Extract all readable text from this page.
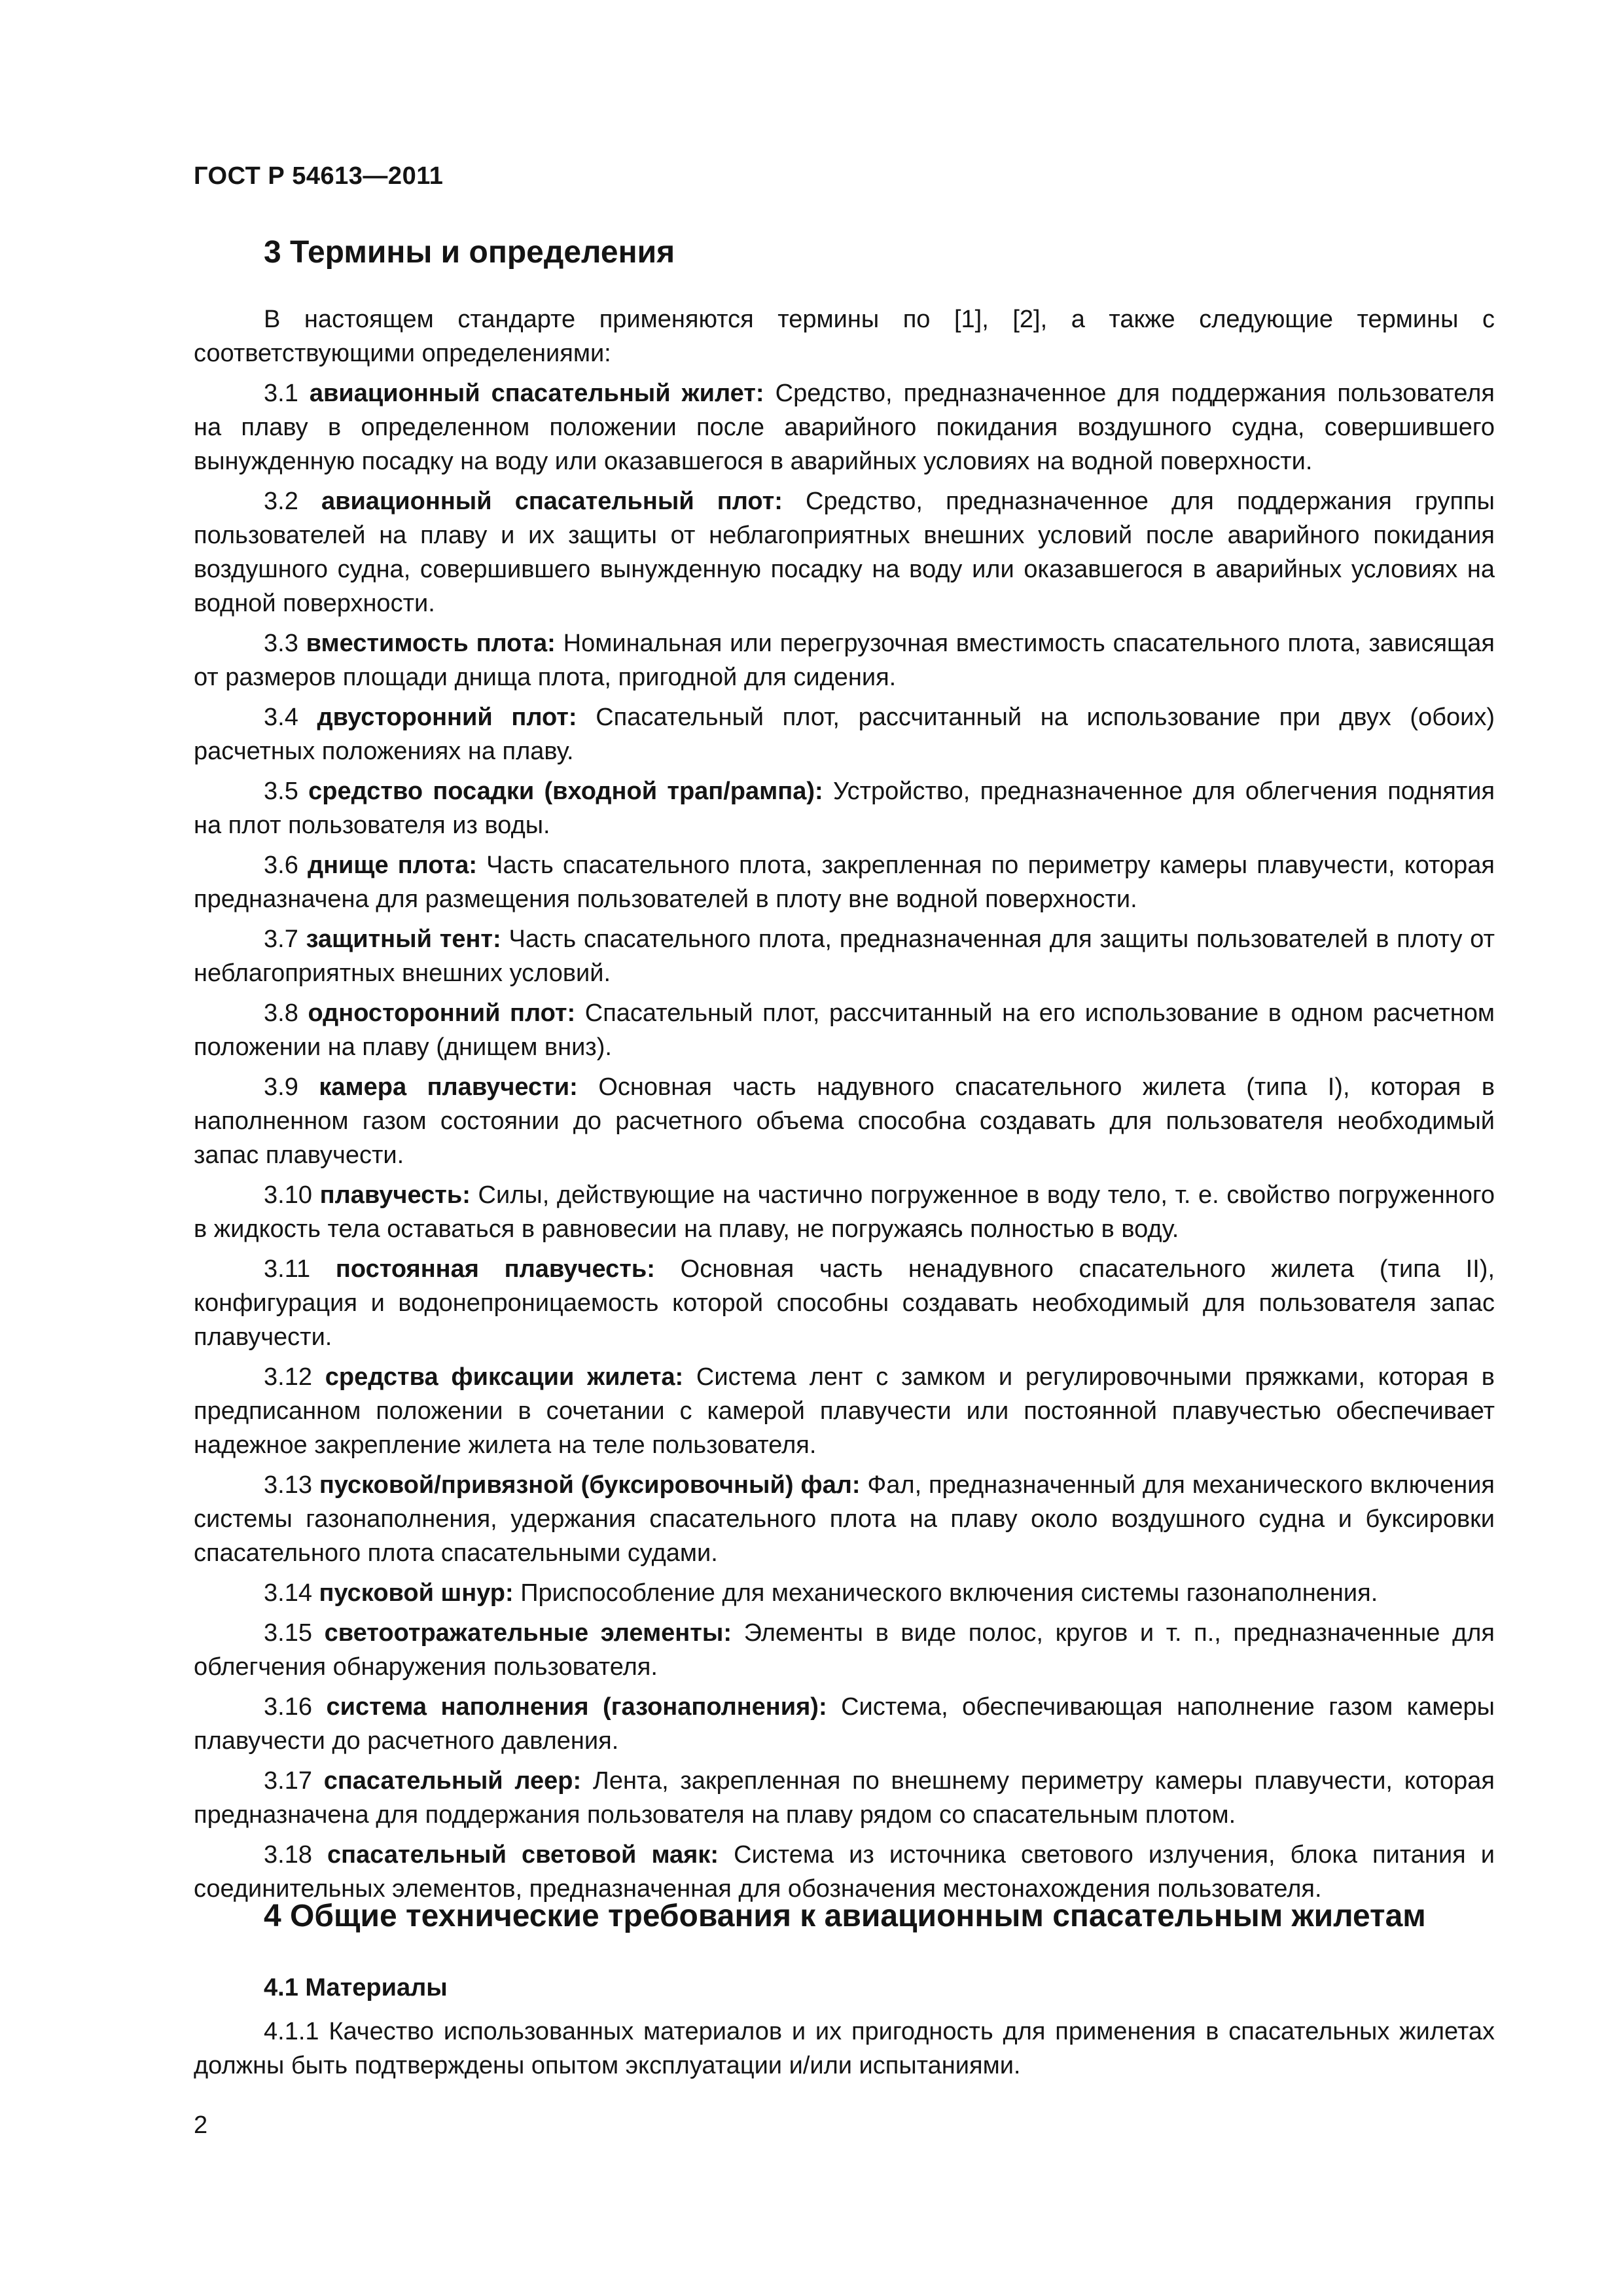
ГОСТ Р 54613—2011
3 Термины и определения

В настоящем стандарте применяются термины по [1], [2], а также следующие термины с соответствующими определениями:

3.1 авиационный спасательный жилет: Средство, предназначенное для поддержания пользователя на плаву в определенном положении после аварийного покидания воздушного судна, совершившего вынужденную посадку на воду или оказавшегося в аварийных условиях на водной поверхности.

3.2 авиационный спасательный плот: Средство, предназначенное для поддержания группы пользователей на плаву и их защиты от неблагоприятных внешних условий после аварийного покидания воздушного судна, совершившего вынужденную посадку на воду или оказавшегося в аварийных условиях на водной поверхности.

3.3 вместимость плота: Номинальная или перегрузочная вместимость спасательного плота, зависящая от размеров площади днища плота, пригодной для сидения.

3.4 двусторонний плот: Спасательный плот, рассчитанный на использование при двух (обоих) расчетных положениях на плаву.

3.5 средство посадки (входной трап/рампа): Устройство, предназначенное для облегчения поднятия на плот пользователя из воды.

3.6 днище плота: Часть спасательного плота, закрепленная по периметру камеры плавучести, которая предназначена для размещения пользователей в плоту вне водной поверхности.

3.7 защитный тент: Часть спасательного плота, предназначенная для защиты пользователей в плоту от неблагоприятных внешних условий.

3.8 односторонний плот: Спасательный плот, рассчитанный на его использование в одном расчетном положении на плаву (днищем вниз).

3.9 камера плавучести: Основная часть надувного спасательного жилета (типа I), которая в наполненном газом состоянии до расчетного объема способна создавать для пользователя необходимый запас плавучести.

3.10 плавучесть: Силы, действующие на частично погруженное в воду тело, т. е. свойство погруженного в жидкость тела оставаться в равновесии на плаву, не погружаясь полностью в воду.

3.11 постоянная плавучесть: Основная часть ненадувного спасательного жилета (типа II), конфигурация и водонепроницаемость которой способны создавать необходимый для пользователя запас плавучести.

3.12 средства фиксации жилета: Система лент с замком и регулировочными пряжками, которая в предписанном положении в сочетании с камерой плавучести или постоянной плавучестью обеспечивает надежное закрепление жилета на теле пользователя.

3.13 пусковой/привязной (буксировочный) фал: Фал, предназначенный для механического включения системы газонаполнения, удержания спасательного плота на плаву около воздушного судна и буксировки спасательного плота спасательными судами.

3.14 пусковой шнур: Приспособление для механического включения системы газонаполнения.

3.15 светоотражательные элементы: Элементы в виде полос, кругов и т. п., предназначенные для облегчения обнаружения пользователя.

3.16 система наполнения (газонаполнения): Система, обеспечивающая наполнение газом камеры плавучести до расчетного давления.

3.17 спасательный леер: Лента, закрепленная по внешнему периметру камеры плавучести, которая предназначена для поддержания пользователя на плаву рядом со спасательным плотом.

3.18 спасательный световой маяк: Система из источника светового излучения, блока питания и соединительных элементов, предназначенная для обозначения местонахождения пользователя.

4 Общие технические требования к авиационным спасательным жилетам
4.1 Материалы

4.1.1 Качество использованных материалов и их пригодность для применения в спасательных жилетах должны быть подтверждены опытом эксплуатации и/или испытаниями.

2
